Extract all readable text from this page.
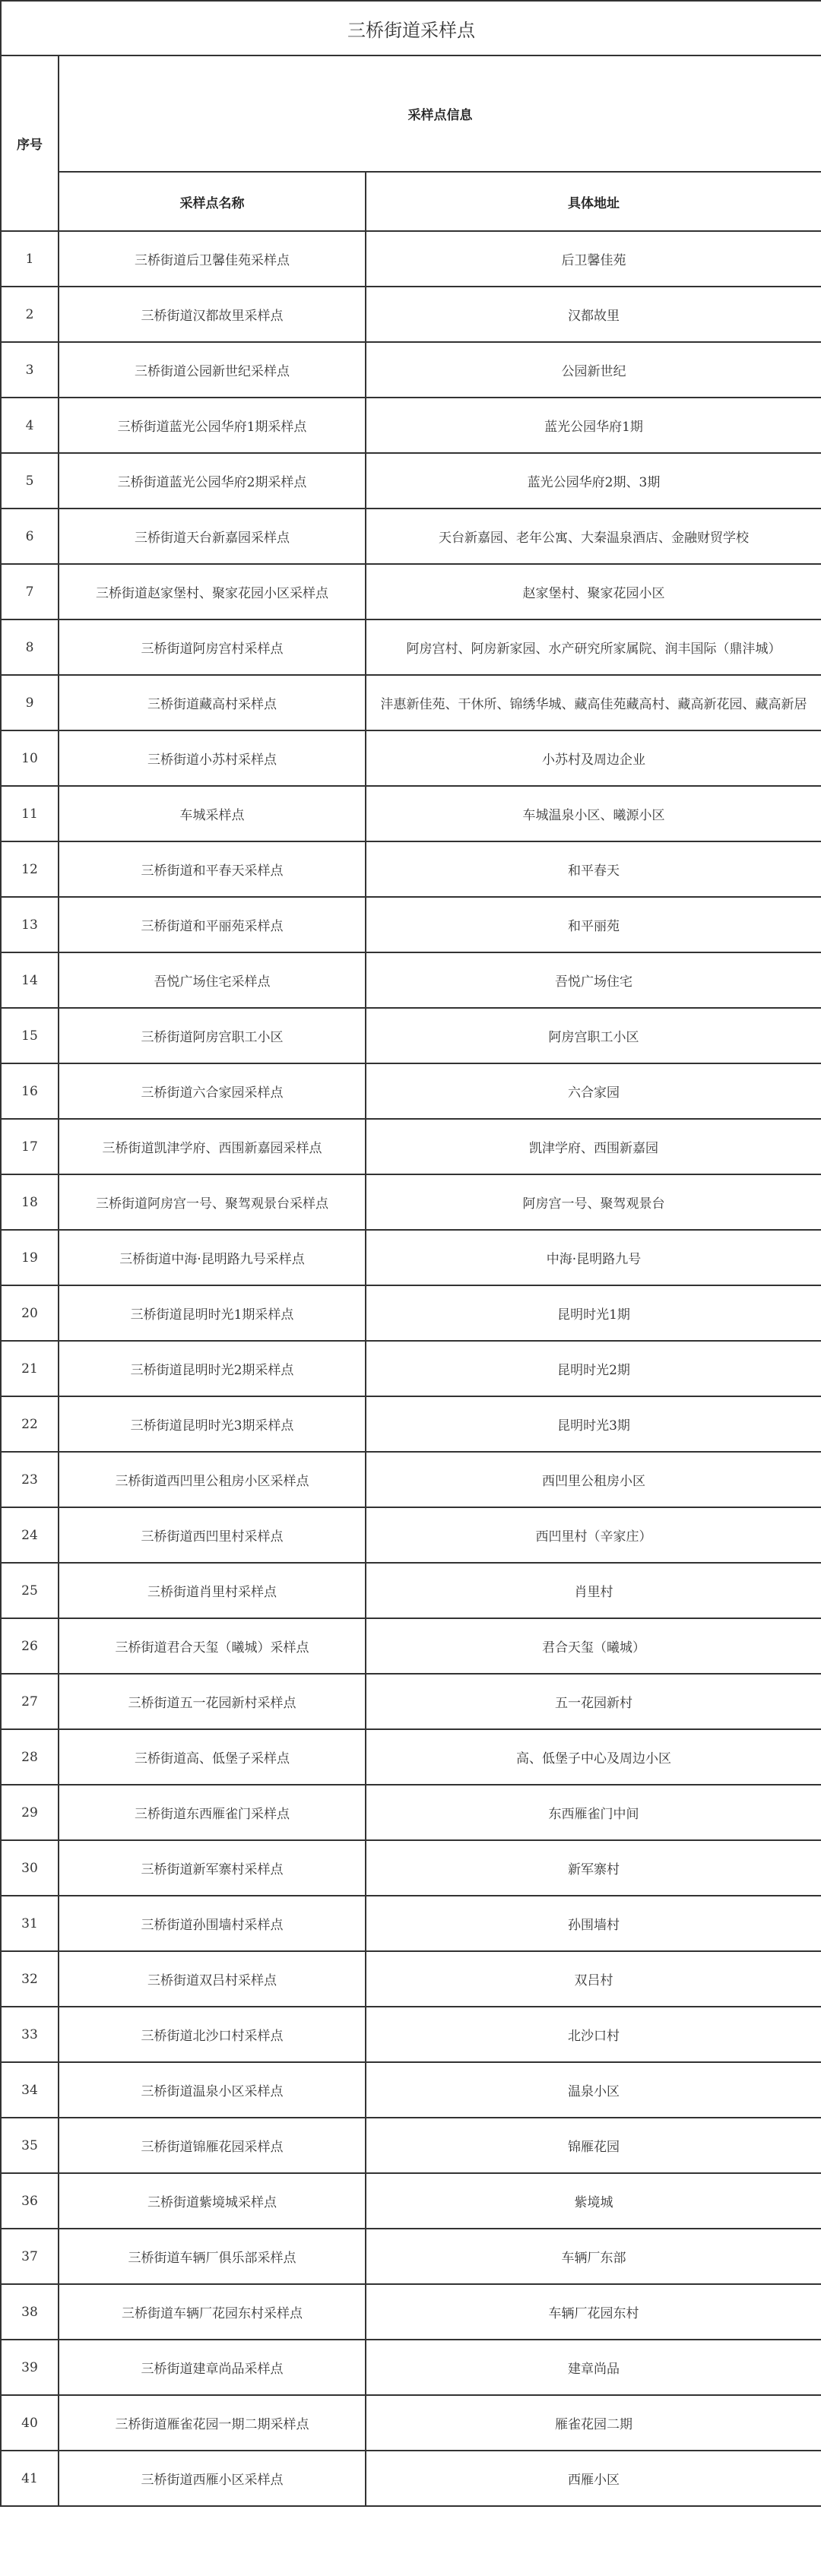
三桥街道采样点		
序号	采样点信息	
	采样点名称	具体地址
1	三桥街道后卫馨佳苑采样点	后卫馨佳苑
2	三桥街道汉都故里采样点	汉都故里
3	三桥街道公园新世纪采样点	公园新世纪
4	三桥街道蓝光公园华府1期采样点	蓝光公园华府1期
5	三桥街道蓝光公园华府2期采样点	蓝光公园华府2期、3期
6	三桥街道天台新嘉园采样点	天台新嘉园、老年公寓、大秦温泉酒店、金融财贸学校
7	三桥街道赵家堡村、聚家花园小区采样点	赵家堡村、聚家花园小区
8	三桥街道阿房宫村采样点	阿房宫村、阿房新家园、水产研究所家属院、润丰国际（鼎沣城）
9	三桥街道藏高村采样点	沣惠新佳苑、干休所、锦绣华城、藏高佳苑藏高村、藏高新花园、藏高新居
10	三桥街道小苏村采样点	小苏村及周边企业
11	车城采样点	车城温泉小区、曦源小区
12	三桥街道和平春天采样点	和平春天
13	三桥街道和平丽苑采样点	和平丽苑
14	吾悦广场住宅采样点	吾悦广场住宅
15	三桥街道阿房宫职工小区	阿房宫职工小区
16	三桥街道六合家园采样点	六合家园
17	三桥街道凯津学府、西围新嘉园采样点	凯津学府、西围新嘉园
18	三桥街道阿房宫一号、聚驾观景台采样点	阿房宫一号、聚驾观景台
19	三桥街道中海·昆明路九号采样点	中海·昆明路九号
20	三桥街道昆明时光1期采样点	昆明时光1期
21	三桥街道昆明时光2期采样点	昆明时光2期
22	三桥街道昆明时光3期采样点	昆明时光3期
23	三桥街道西凹里公租房小区采样点	西凹里公租房小区
24	三桥街道西凹里村采样点	西凹里村（辛家庄）
25	三桥街道肖里村采样点	肖里村
26	三桥街道君合天玺（曦城）采样点	君合天玺（曦城）
27	三桥街道五一花园新村采样点	五一花园新村
28	三桥街道高、低堡子采样点	高、低堡子中心及周边小区
29	三桥街道东西雁雀门采样点	东西雁雀门中间
30	三桥街道新军寨村采样点	新军寨村
31	三桥街道孙围墙村采样点	孙围墙村
32	三桥街道双吕村采样点	双吕村
33	三桥街道北沙口村采样点	北沙口村
34	三桥街道温泉小区采样点	温泉小区
35	三桥街道锦雁花园采样点	锦雁花园
36	三桥街道紫境城采样点	紫境城
37	三桥街道车辆厂俱乐部采样点	车辆厂东部
38	三桥街道车辆厂花园东村采样点	车辆厂花园东村
39	三桥街道建章尚品采样点	建章尚品
40	三桥街道雁雀花园一期二期采样点	雁雀花园二期
41	三桥街道西雁小区采样点	西雁小区
